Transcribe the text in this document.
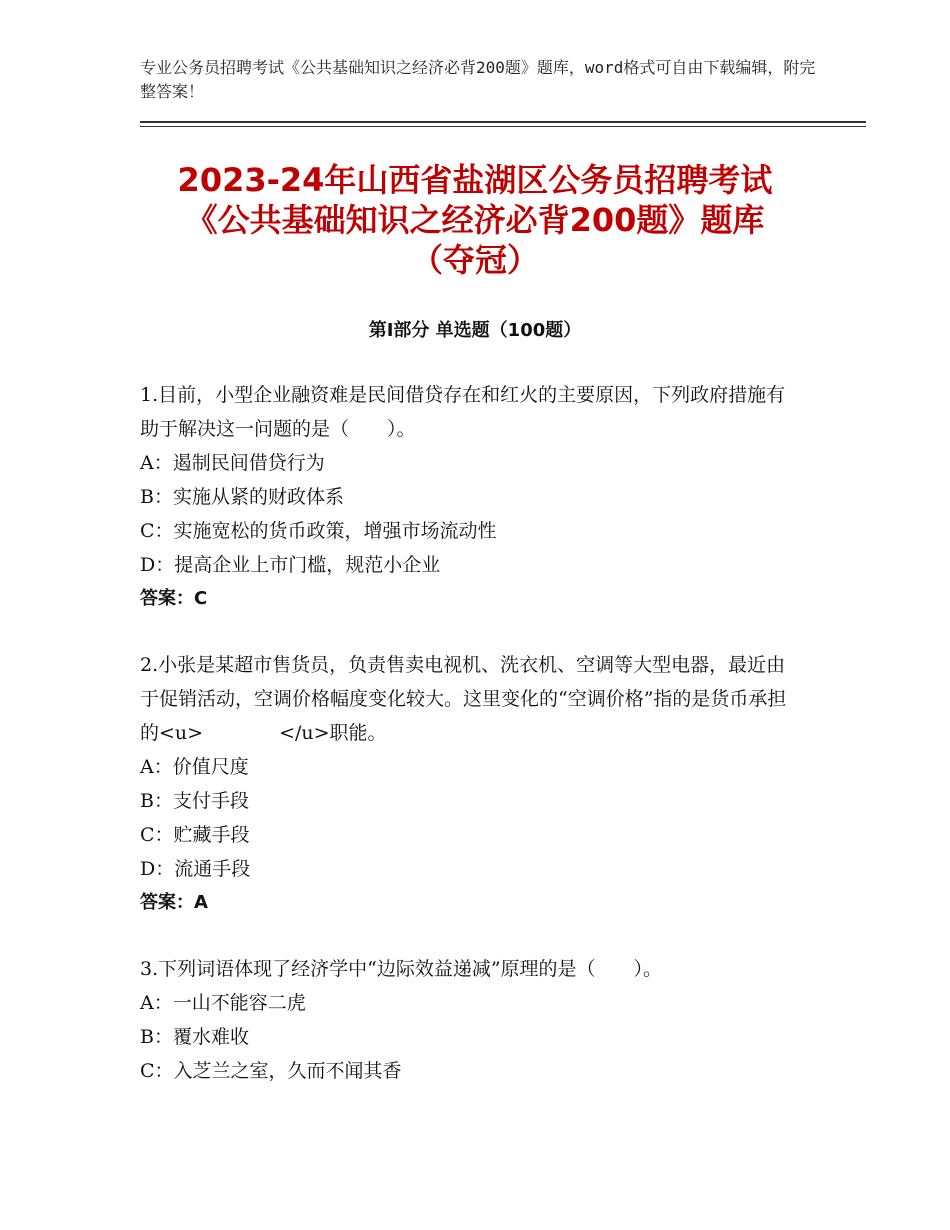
专业公务员招聘考试《公共基础知识之经济必背200题》题库，word格式可自由下载编辑，附完整答案！
2023-24年山西省盐湖区公务员招聘考试
《公共基础知识之经济必背200题》题库
（夺冠）
第Ⅰ部分 单选题（100题）

1.目前，小型企业融资难是民间借贷存在和红火的主要原因，下列政府措施有助于解决这一问题的是（　　）。

A：遏制民间借贷行为

B：实施从紧的财政体系

C：实施宽松的货币政策，增强市场流动性

D：提高企业上市门槛，规范小企业

答案：C

2.小张是某超市售货员，负责售卖电视机、洗衣机、空调等大型电器，最近由于促销活动，空调价格幅度变化较大。这里变化的“空调价格”指的是货币承担的<u>　　　　</u>职能。

A：价值尺度

B：支付手段

C：贮藏手段

D：流通手段

答案：A

3.下列词语体现了经济学中“边际效益递减”原理的是（　　）。

A：一山不能容二虎

B：覆水难收

C：入芝兰之室，久而不闻其香
